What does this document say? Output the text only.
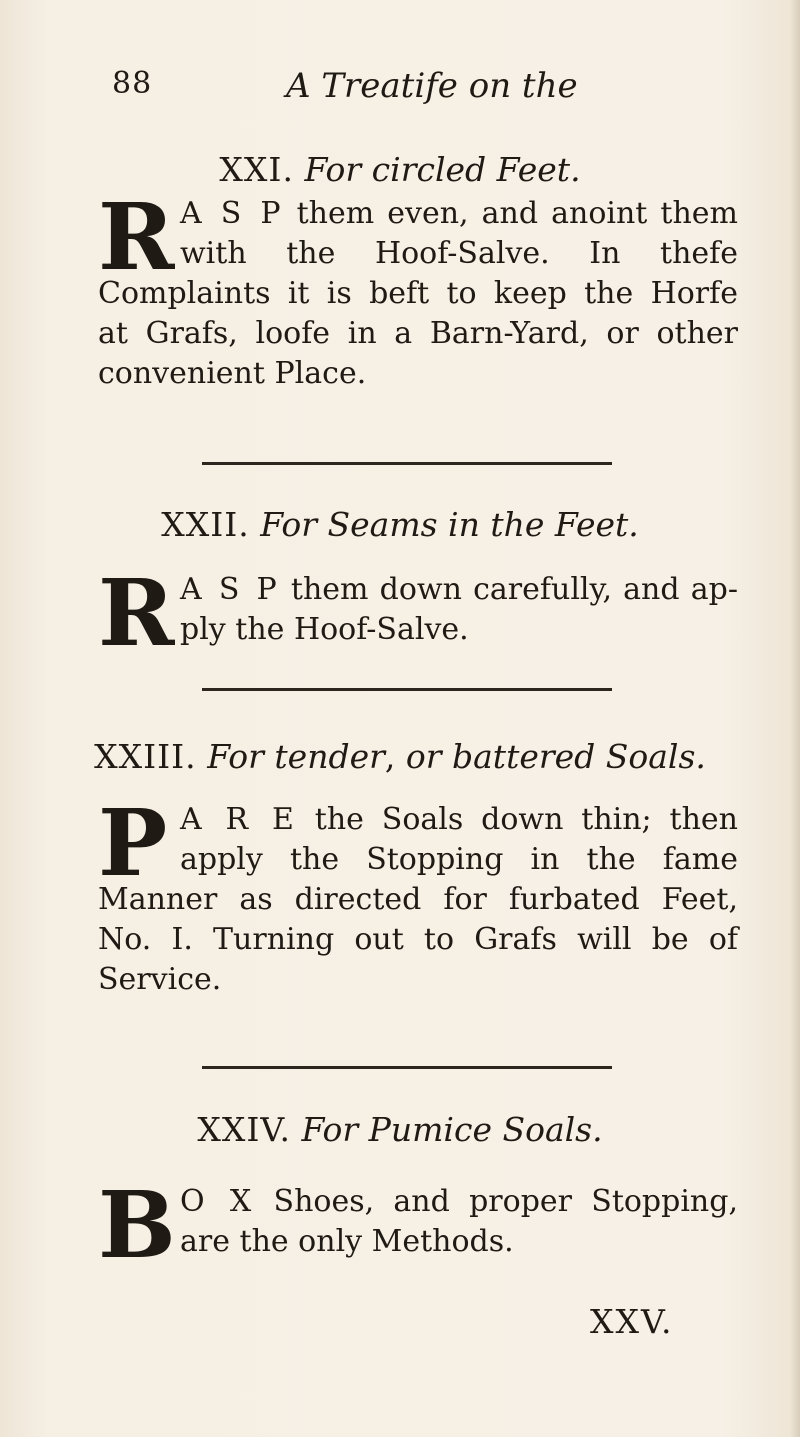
88	A Treatife on the
XXI. For circled Feet.
R A S P them even, and anoint them
with the Hoof-Salve. In thefe
Complaints it is beft to keep the Horfe
at Grafs, loofe in a Barn-Yard, or other
convenient Place.
XXII. For Seams in the Feet.
R A S P them down carefully, and ap-
ply the Hoof-Salve.
XXIII. For tender, or battered Soals.
P A R E the Soals down thin; then
apply the Stopping in the fame
Manner as directed for furbated Feet,
No. I. Turning out to Grafs will be of
Service.
XXIV. For Pumice Soals.
B O X Shoes, and proper Stopping,
are the only Methods.
XXV.
